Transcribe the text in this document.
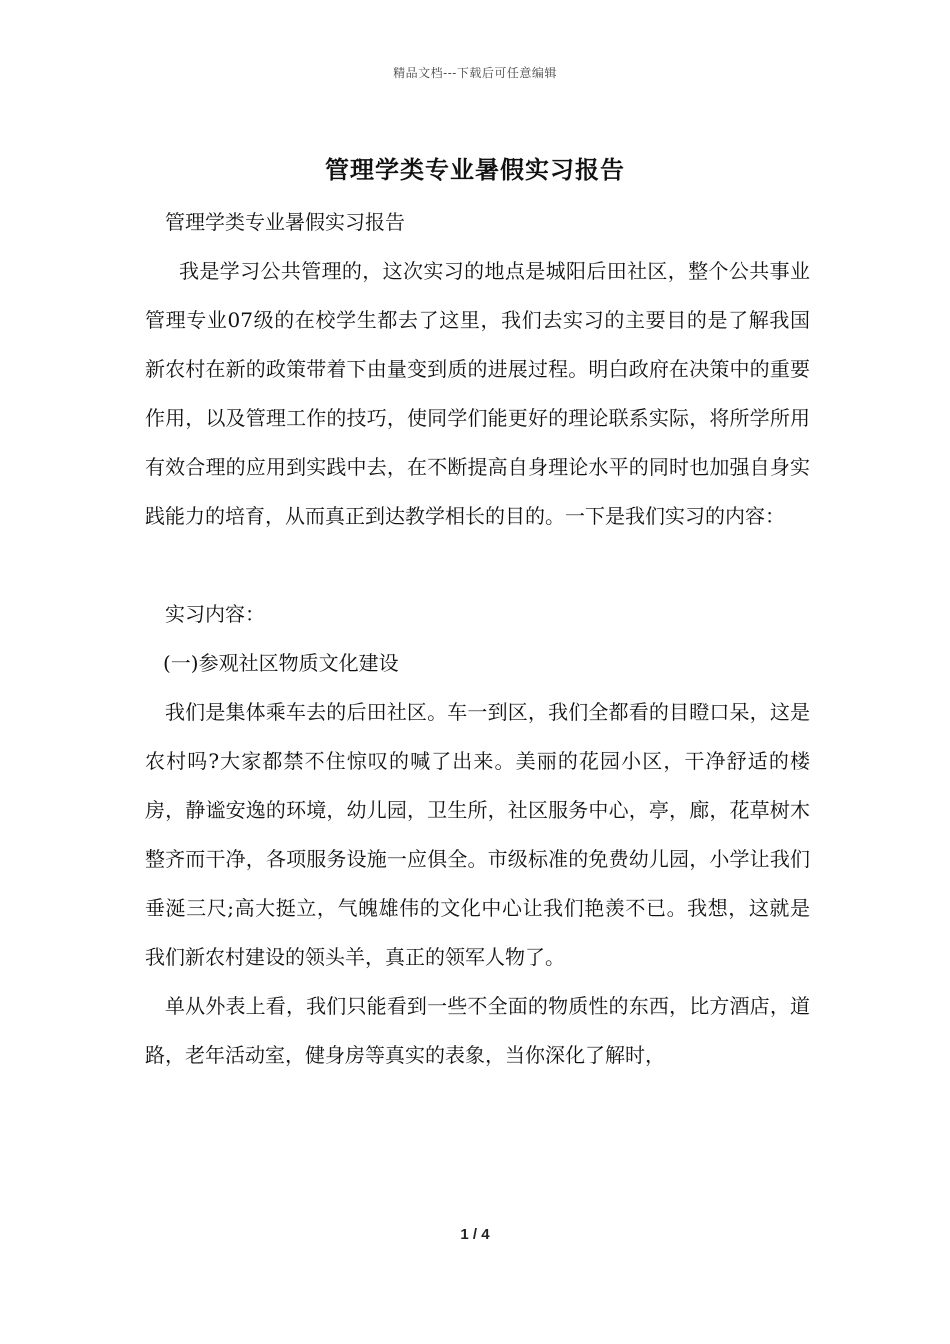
精品文档---下载后可任意编辑
管理学类专业暑假实习报告

管理学类专业暑假实习报告

我是学习公共管理的，这次实习的地点是城阳后田社区，整个公共事业管理专业07级的在校学生都去了这里，我们去实习的主要目的是了解我国新农村在新的政策带着下由量变到质的进展过程。明白政府在决策中的重要作用，以及管理工作的技巧，使同学们能更好的理论联系实际，将所学所用有效合理的应用到实践中去，在不断提高自身理论水平的同时也加强自身实践能力的培育，从而真正到达教学相长的目的。一下是我们实习的内容：

实习内容：

(一)参观社区物质文化建设

我们是集体乘车去的后田社区。车一到区，我们全都看的目瞪口呆，这是农村吗?大家都禁不住惊叹的喊了出来。美丽的花园小区，干净舒适的楼房，静谧安逸的环境，幼儿园，卫生所，社区服务中心，亭，廊，花草树木整齐而干净，各项服务设施一应俱全。市级标准的免费幼儿园，小学让我们垂涎三尺;高大挺立，气魄雄伟的文化中心让我们艳羡不已。我想，这就是我们新农村建设的领头羊，真正的领军人物了。

单从外表上看，我们只能看到一些不全面的物质性的东西，比方酒店，道路，老年活动室，健身房等真实的表象，当你深化了解时，

1 / 4
